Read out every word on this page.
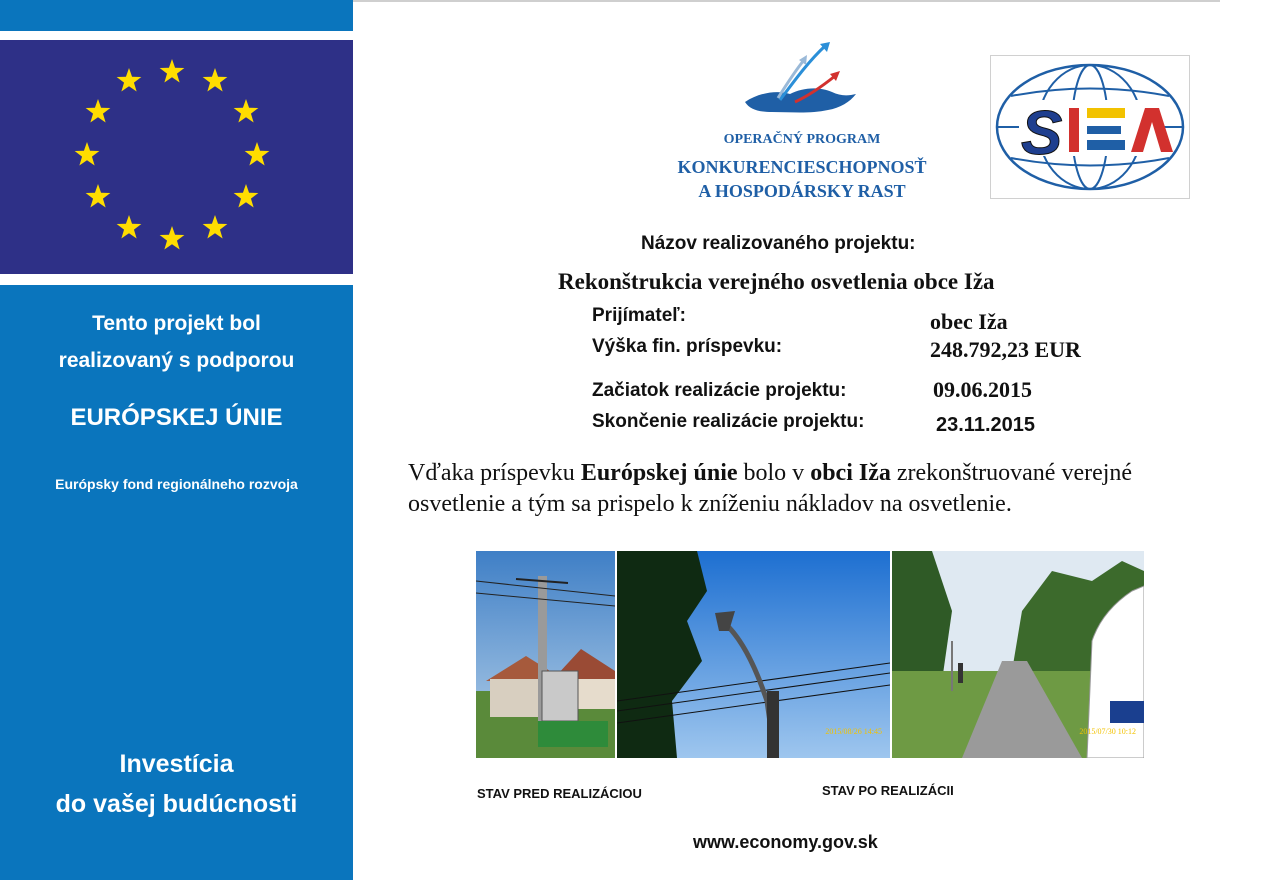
Tento projekt bol
realizovaný s podporou
EURÓPSKEJ ÚNIE
Európsky fond regionálneho rozvoja
Investícia
do vašej budúcnosti
OPERAČNÝ PROGRAM
KONKURENCIESCHOPNOSŤ
A HOSPODÁRSKY RAST
S
Názov realizovaného projektu:
Rekonštrukcia verejného osvetlenia obce Iža
Prijímateľ:	obec Iža
Výška fin. príspevku:	248.792,23 EUR
Začiatok realizácie projektu:	09.06.2015
Skončenie realizácie projektu:	23.11.2015
Vďaka príspevku Európskej únie bolo v obci Iža zrekonštruované verejné osvetlenie a tým sa prispelo k zníženiu nákladov na osvetlenie.
2015/08/26 14:45	2015/07/30 10:12
STAV PRED REALIZÁCIOU	STAV PO REALIZÁCII
www.economy.gov.sk
